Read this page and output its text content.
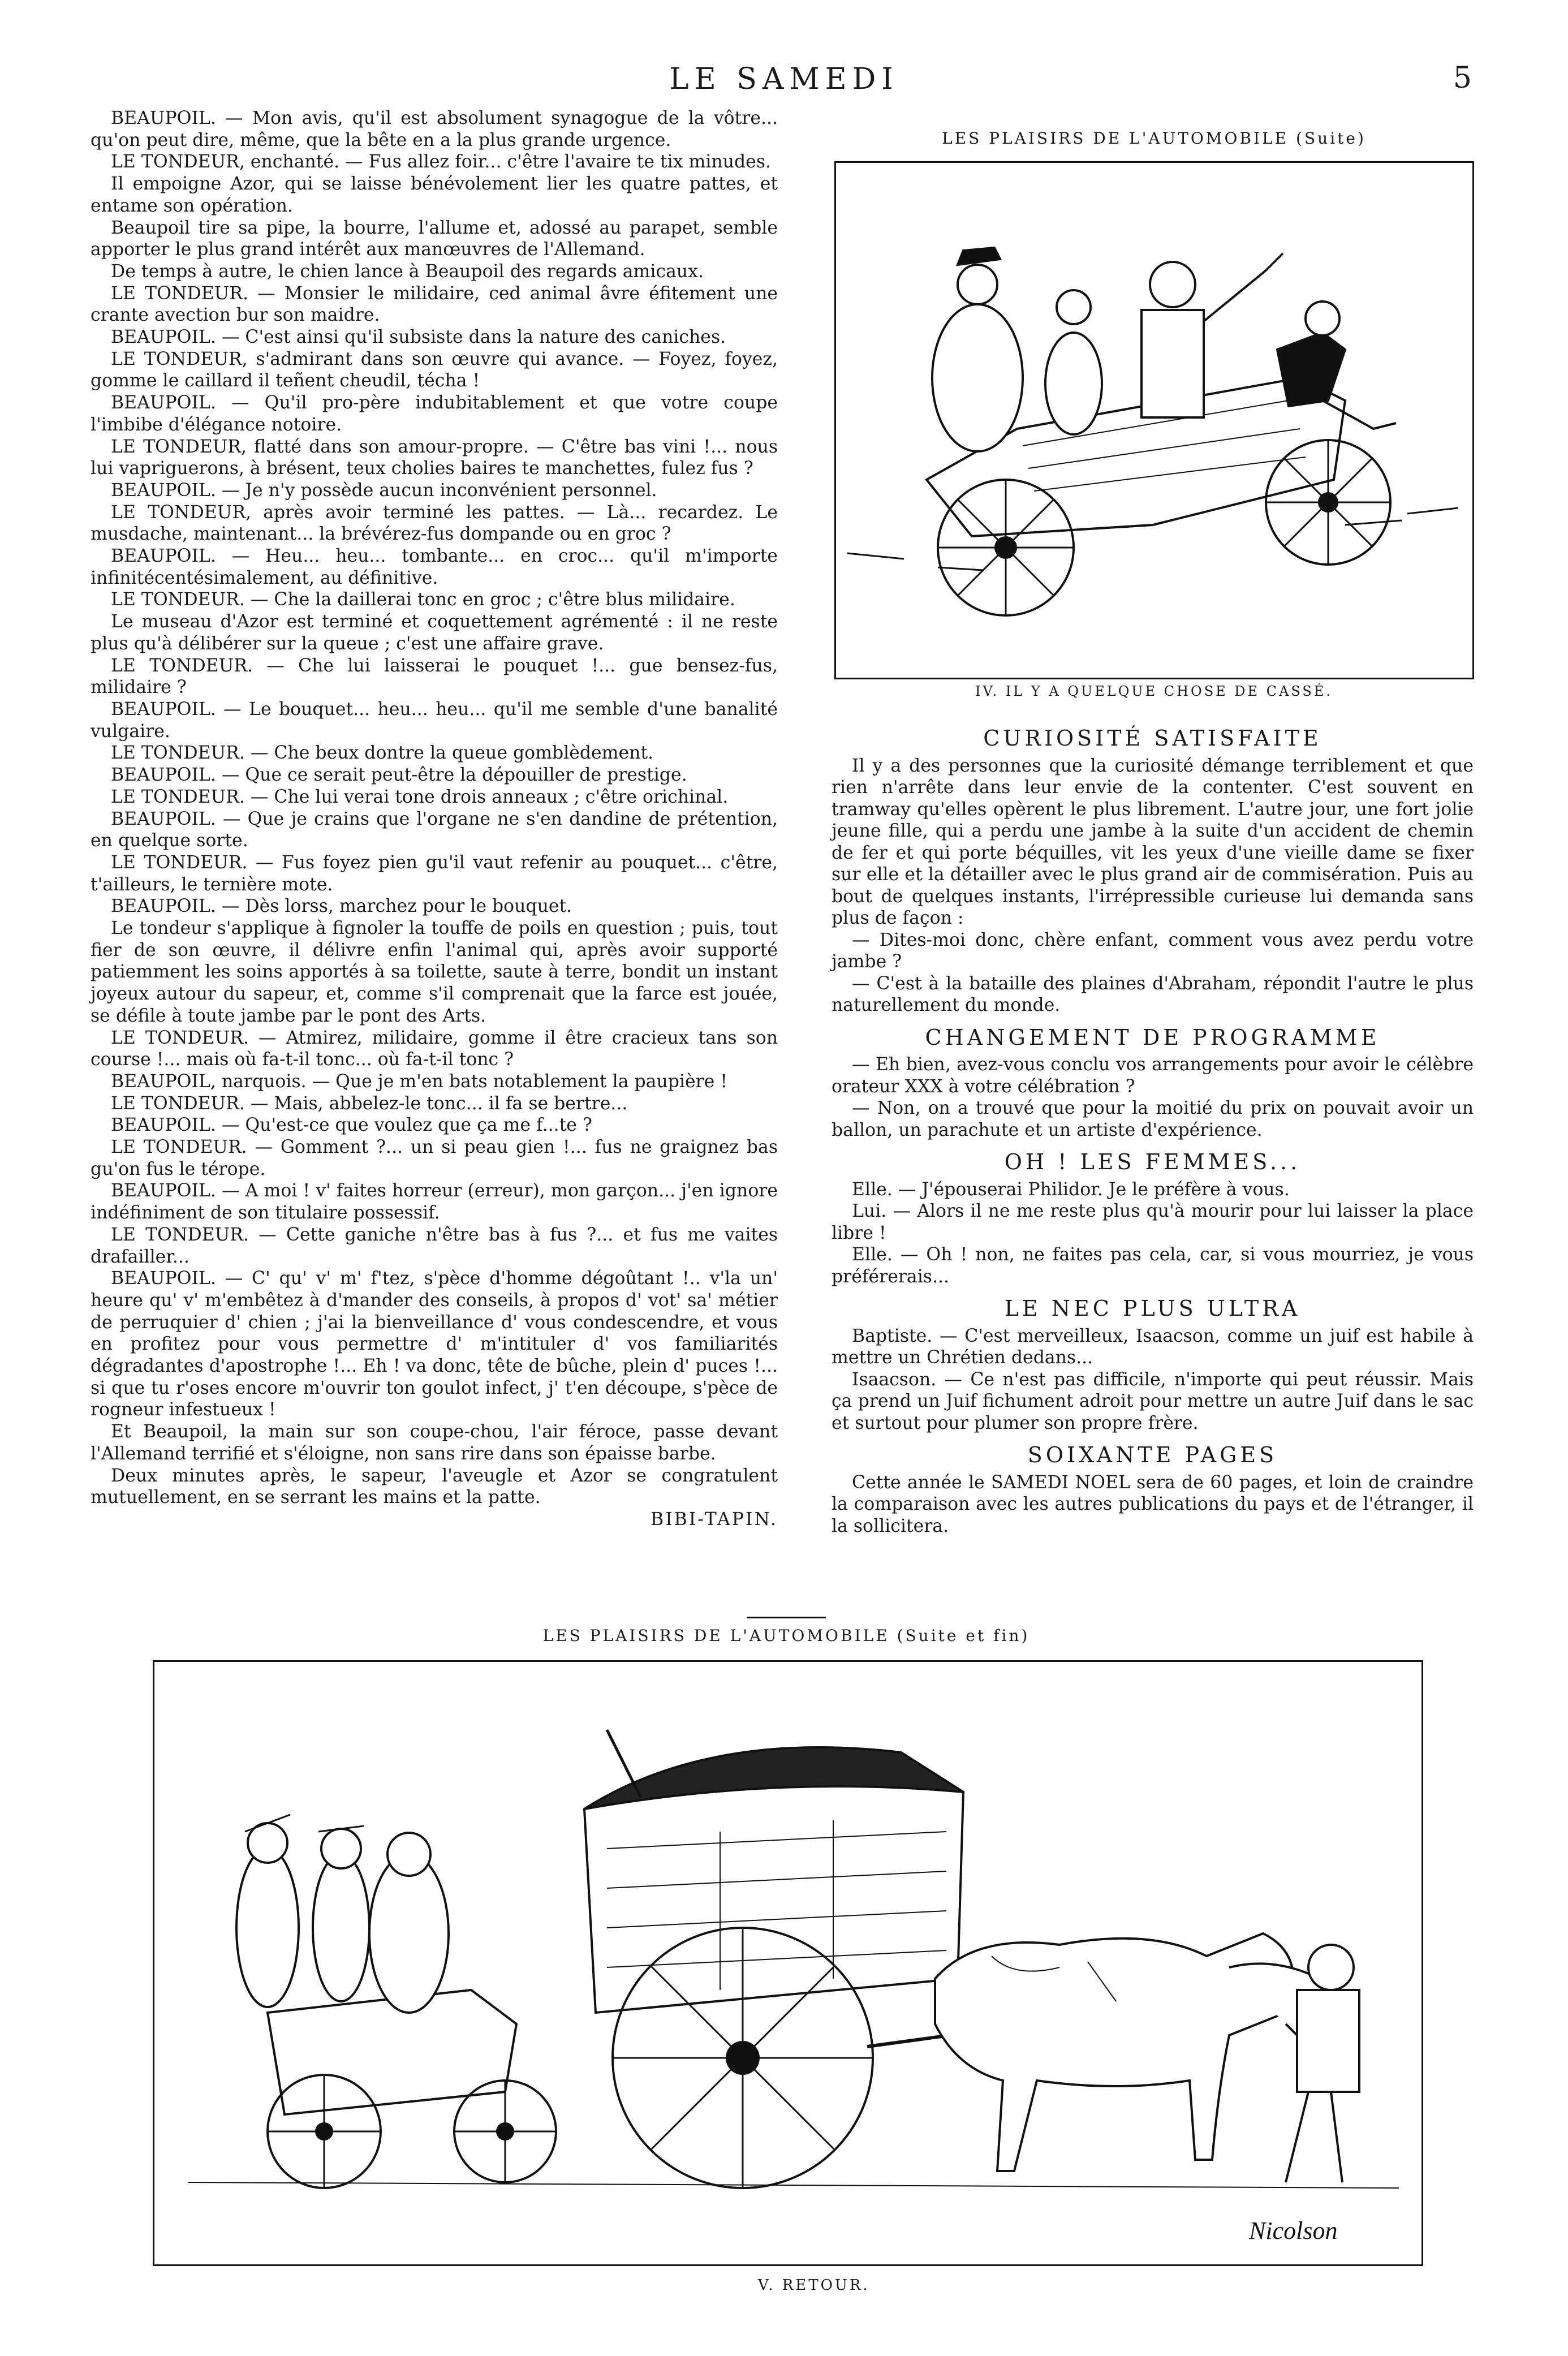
LE SAMEDI	5

BEAUPOIL. — Mon avis, qu'il est absolument synagogue de la vôtre... qu'on peut dire, même, que la bête en a la plus grande urgence.

LE TONDEUR, enchanté. — Fus allez foir... c'être l'avaire te tix minudes.

Il empoigne Azor, qui se laisse bénévolement lier les quatre pattes, et entame son opération.

Beaupoil tire sa pipe, la bourre, l'allume et, adossé au parapet, semble apporter le plus grand intérêt aux manœuvres de l'Allemand.

De temps à autre, le chien lance à Beaupoil des regards amicaux.

LE TONDEUR. — Monsier le milidaire, ced animal âvre éfitement une crante avection bur son maidre.

BEAUPOIL. — C'est ainsi qu'il subsiste dans la nature des caniches.

LE TONDEUR, s'admirant dans son œuvre qui avance. — Foyez, foyez, gomme le caillard il teñent cheudil, técha !

BEAUPOIL. — Qu'il pro-père indubitablement et que votre coupe l'imbibe d'élégance notoire.

LE TONDEUR, flatté dans son amour-propre. — C'être bas vini !... nous lui vapriguerons, à brésent, teux cholies baires te manchettes, fulez fus ?

BEAUPOIL. — Je n'y possède aucun inconvénient personnel.

LE TONDEUR, après avoir terminé les pattes. — Là... recardez. Le musdache, maintenant... la brévérez-fus dompande ou en groc ?

BEAUPOIL. — Heu... heu... tombante... en croc... qu'il m'importe infinitécentésimalement, au définitive.

LE TONDEUR. — Che la daillerai tonc en groc ; c'être blus milidaire.

Le museau d'Azor est terminé et coquettement agrémenté : il ne reste plus qu'à délibérer sur la queue ; c'est une affaire grave.

LE TONDEUR. — Che lui laisserai le pouquet !... gue bensez-fus, milidaire ?

BEAUPOIL. — Le bouquet... heu... heu... qu'il me semble d'une banalité vulgaire.

LE TONDEUR. — Che beux dontre la queue gomblèdement.

BEAUPOIL. — Que ce serait peut-être la dépouiller de prestige.

LE TONDEUR. — Che lui verai tone drois anneaux ; c'être orichinal.

BEAUPOIL. — Que je crains que l'organe ne s'en dandine de prétention, en quelque sorte.

LE TONDEUR. — Fus foyez pien gu'il vaut refenir au pouquet... c'être, t'ailleurs, le ternière mote.

BEAUPOIL. — Dès lorss, marchez pour le bouquet.

Le tondeur s'applique à fignoler la touffe de poils en question ; puis, tout fier de son œuvre, il délivre enfin l'animal qui, après avoir supporté patiemment les soins apportés à sa toilette, saute à terre, bondit un instant joyeux autour du sapeur, et, comme s'il comprenait que la farce est jouée, se défile à toute jambe par le pont des Arts.

LE TONDEUR. — Atmirez, milidaire, gomme il être cracieux tans son course !... mais où fa-t-il tonc... où fa-t-il tonc ?

BEAUPOIL, narquois. — Que je m'en bats notablement la paupière !

LE TONDEUR. — Mais, abbelez-le tonc... il fa se bertre...

BEAUPOIL. — Qu'est-ce que voulez que ça me f...te ?

LE TONDEUR. — Gomment ?... un si peau gien !... fus ne graignez bas gu'on fus le térope.

BEAUPOIL. — A moi ! v' faites horreur (erreur), mon garçon... j'en ignore indéfiniment de son titulaire possessif.

LE TONDEUR. — Cette ganiche n'être bas à fus ?... et fus me vaites drafailler...

BEAUPOIL. — C' qu' v' m' f'tez, s'pèce d'homme dégoûtant !.. v'la un' heure qu' v' m'embêtez à d'mander des conseils, à propos d' vot' sa' métier de perruquier d' chien ; j'ai la bienveillance d' vous condescendre, et vous en profitez pour vous permettre d' m'intituler d' vos familiarités dégradantes d'apostrophe !... Eh ! va donc, tête de bûche, plein d' puces !... si que tu r'oses encore m'ouvrir ton goulot infect, j' t'en découpe, s'pèce de rogneur infestueux !

Et Beaupoil, la main sur son coupe-chou, l'air féroce, passe devant l'Allemand terrifié et s'éloigne, non sans rire dans son épaisse barbe.

Deux minutes après, le sapeur, l'aveugle et Azor se congratulent mutuellement, en se serrant les mains et la patte.

BIBI-TAPIN.
LES PLAISIRS DE L'AUTOMOBILE (Suite)
IV. IL Y A QUELQUE CHOSE DE CASSÉ.
CURIOSITÉ SATISFAITE

Il y a des personnes que la curiosité démange terriblement et que rien n'arrête dans leur envie de la contenter. C'est souvent en tramway qu'elles opèrent le plus librement. L'autre jour, une fort jolie jeune fille, qui a perdu une jambe à la suite d'un accident de chemin de fer et qui porte béquilles, vit les yeux d'une vieille dame se fixer sur elle et la détailler avec le plus grand air de commisération. Puis au bout de quelques instants, l'irrépressible curieuse lui demanda sans plus de façon :

— Dites-moi donc, chère enfant, comment vous avez perdu votre jambe ?

— C'est à la bataille des plaines d'Abraham, répondit l'autre le plus naturellement du monde.

CHANGEMENT DE PROGRAMME

— Eh bien, avez-vous conclu vos arrangements pour avoir le célèbre orateur XXX à votre célébration ?

— Non, on a trouvé que pour la moitié du prix on pouvait avoir un ballon, un parachute et un artiste d'expérience.

OH ! LES FEMMES...

Elle. — J'épouserai Philidor. Je le préfère à vous.

Lui. — Alors il ne me reste plus qu'à mourir pour lui laisser la place libre !

Elle. — Oh ! non, ne faites pas cela, car, si vous mourriez, je vous préférerais...

LE NEC PLUS ULTRA

Baptiste. — C'est merveilleux, Isaacson, comme un juif est habile à mettre un Chrétien dedans...

Isaacson. — Ce n'est pas difficile, n'importe qui peut réussir. Mais ça prend un Juif fichument adroit pour mettre un autre Juif dans le sac et surtout pour plumer son propre frère.

SOIXANTE PAGES

Cette année le SAMEDI NOEL sera de 60 pages, et loin de craindre la comparaison avec les autres publications du pays et de l'étranger, il la sollicitera.

LES PLAISIRS DE L'AUTOMOBILE (Suite et fin)
Nicolson
V. RETOUR.
